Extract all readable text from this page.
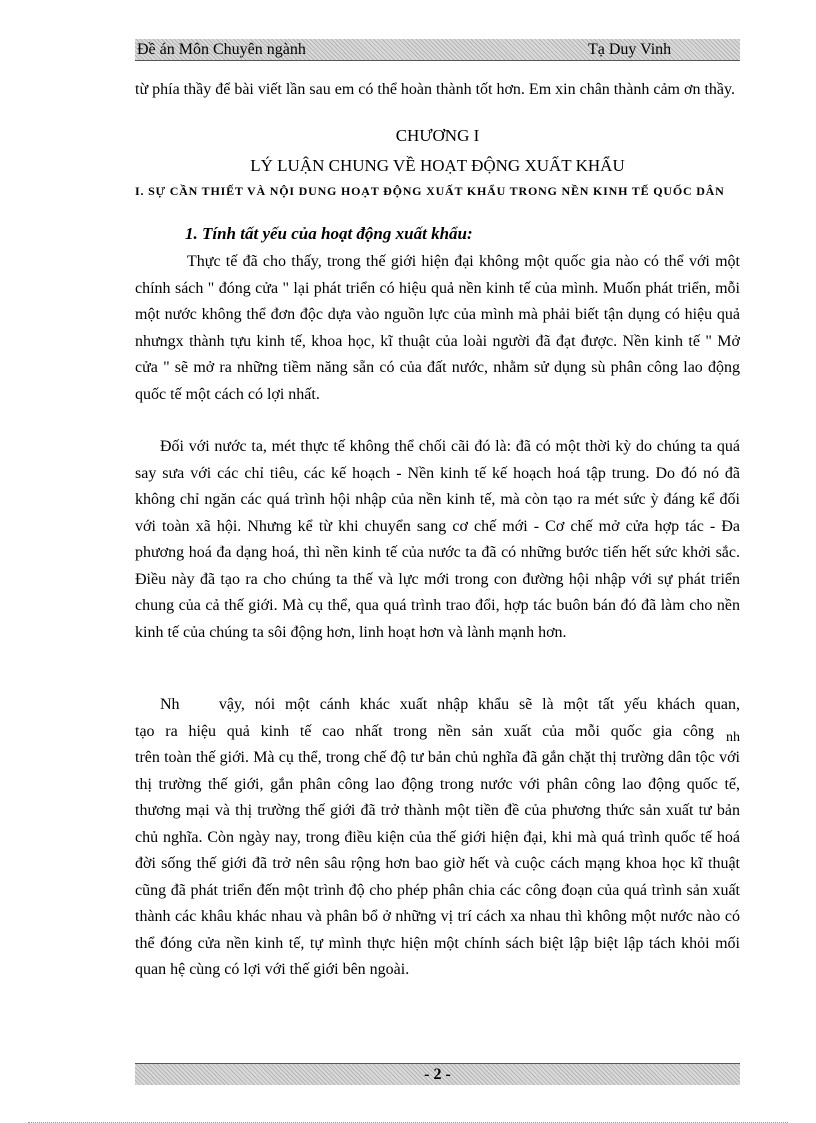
Đề án Môn Chuyên ngành	Tạ Duy Vinh

từ phía thầy để bài viết lần sau em có thể hoàn thành tốt hơn. Em xin chân thành cảm ơn thầy.

CHƯƠNG I

LÝ LUẬN CHUNG VỀ HOẠT ĐỘNG XUẤT KHẨU

I. SỰ CẦN THIẾT VÀ NỘI DUNG HOẠT ĐỘNG XUẤT KHẨU TRONG NỀN KINH TẾ QUỐC DÂN

1. Tính tất yếu của hoạt động xuất khẩu:

Thực tế đã cho thấy, trong thế giới hiện đại không một quốc gia nào có thể với một chính sách " đóng cửa " lại phát triển có hiệu quả nền kinh tế của mình. Muốn phát triển, mỗi một nước không thể đơn độc dựa vào nguồn lực của mình mà phải biết tận dụng có hiệu quả nhưngx thành tựu kinh tế, khoa học, kĩ thuật của loài người đã đạt được. Nền kinh tế " Mở cửa " sẽ mở ra những tiềm năng sẵn có của đất nước, nhằm sử dụng sù phân công lao động quốc tế một cách có lợi nhất.

Đối với nước ta, mét thực tế không thể chối cãi đó là: đã có một thời kỳ do chúng ta quá say sưa với các chỉ tiêu, các kế hoạch - Nền kinh tế kế hoạch hoá tập trung. Do đó nó đã không chỉ ngăn các quá trình hội nhập của nền kinh tế, mà còn tạo ra mét sức ỳ đáng kể đối với toàn xã hội. Nhưng kể từ khi chuyển sang cơ chế mới - Cơ chế mở cửa hợp tác - Đa phương hoá đa dạng hoá, thì nền kinh tế của nước ta đã có những bước tiến hết sức khởi sắc. Điều này đã tạo ra cho chúng ta thế và lực mới trong con đường hội nhập với sự phát triển chung của cả thế giới. Mà cụ thể, qua quá trình trao đổi, hợp tác buôn bán đó đã làm cho nền kinh tế của chúng ta sôi động hơn, linh hoạt hơn và lành mạnh hơn.

Nh vậy, nói một cánh khác xuất nhập khẩu sẽ là một tất yếu khách quan,
tạo ra hiệu quả kinh tế cao nhất trong nền sản xuất của mỗi quốc gia công nh
trên toàn thế giới. Mà cụ thể, trong chế độ tư bản chủ nghĩa đã gắn chặt thị trường dân tộc với thị trường thế giới, gắn phân công lao động trong nước với phân công lao động quốc tế, thương mại và thị trường thế giới đã trở thành một tiền đề của phương thức sản xuất tư bản chủ nghĩa. Còn ngày nay, trong điều kiện của thế giới hiện đại, khi mà quá trình quốc tế hoá đời sống thế giới đã trở nên sâu rộng hơn bao giờ hết và cuộc cách mạng khoa học kĩ thuật cũng đã phát triển đến một trình độ cho phép phân chia các công đoạn của quá trình sản xuất thành các khâu khác nhau và phân bổ ở những vị trí cách xa nhau thì không một nước nào có thể đóng cửa nền kinh tế, tự mình thực hiện một chính sách biệt lập biệt lập tách khỏi mối quan hệ cùng có lợi với thế giới bên ngoài.
- 2 -
